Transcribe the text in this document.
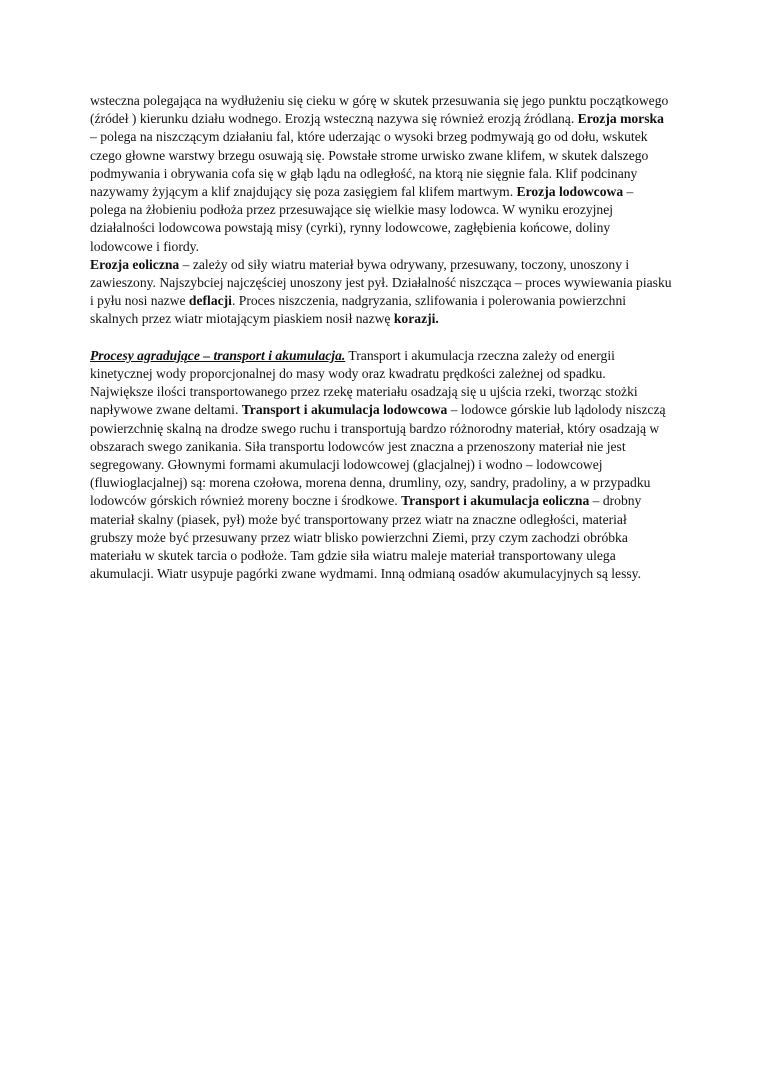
wsteczna polegająca na wydłużeniu się cieku w górę w skutek przesuwania się jego punktu początkowego (źródeł ) kierunku działu wodnego. Erozją wsteczną nazywa się również erozją źródlaną. Erozja morska – polega na niszczącym działaniu fal, które uderzając o wysoki brzeg podmywają go od dołu, wskutek czego głowne warstwy brzegu osuwają się. Powstałe strome urwisko zwane klifem, w skutek dalszego podmywania i obrywania cofa się w głąb lądu na odległość, na ktorą nie sięgnie fala. Klif podcinany nazywamy żyjącym a klif znajdujący się poza zasięgiem fal klifem martwym. Erozja lodowcowa – polega na żłobieniu podłoża przez przesuwające się wielkie masy lodowca. W wyniku erozyjnej działalności lodowcowa powstają misy (cyrki), rynny lodowcowe, zagłębienia końcowe, doliny lodowcowe i fiordy.
Erozja eoliczna – zależy od siły wiatru materiał bywa odrywany, przesuwany, toczony, unoszony i zawieszony. Najszybciej najczęściej unoszony jest pył. Działalność niszcząca – proces wywiewania piasku i pyłu nosi nazwe deflacji. Proces niszczenia, nadgryzania, szlifowania i polerowania powierzchni skalnych przez wiatr miotającym piaskiem nosił nazwę korazji.

Procesy agradujące – transport i akumulacja. Transport i akumulacja rzeczna zależy od energii kinetycznej wody proporcjonalnej do masy wody oraz kwadratu prędkości zależnej od spadku. Największe ilości transportowanego przez rzekę materiału osadzają się u ujścia rzeki, tworząc stożki napływowe zwane deltami. Transport i akumulacja lodowcowa – lodowce górskie lub lądolody niszczą powierzchnię skalną na drodze swego ruchu i transportują bardzo różnorodny materiał, który osadzają w obszarach swego zanikania. Siła transportu lodowców jest znaczna a przenoszony materiał nie jest segregowany. Głownymi formami akumulacji lodowcowej (glacjalnej) i wodno – lodowcowej (fluwioglacjalnej) są: morena czołowa, morena denna, drumliny, ozy, sandry, pradoliny, a w przypadku lodowców górskich również moreny boczne i środkowe. Transport i akumulacja eoliczna – drobny materiał skalny (piasek, pył) może być transportowany przez wiatr na znaczne odległości, materiał grubszy może być przesuwany przez wiatr blisko powierzchni Ziemi, przy czym zachodzi obróbka materiału w skutek tarcia o podłoże. Tam gdzie siła wiatru maleje materiał transportowany ulega akumulacji. Wiatr usypuje pagórki zwane wydmami. Inną odmianą osadów akumulacyjnych są lessy.
